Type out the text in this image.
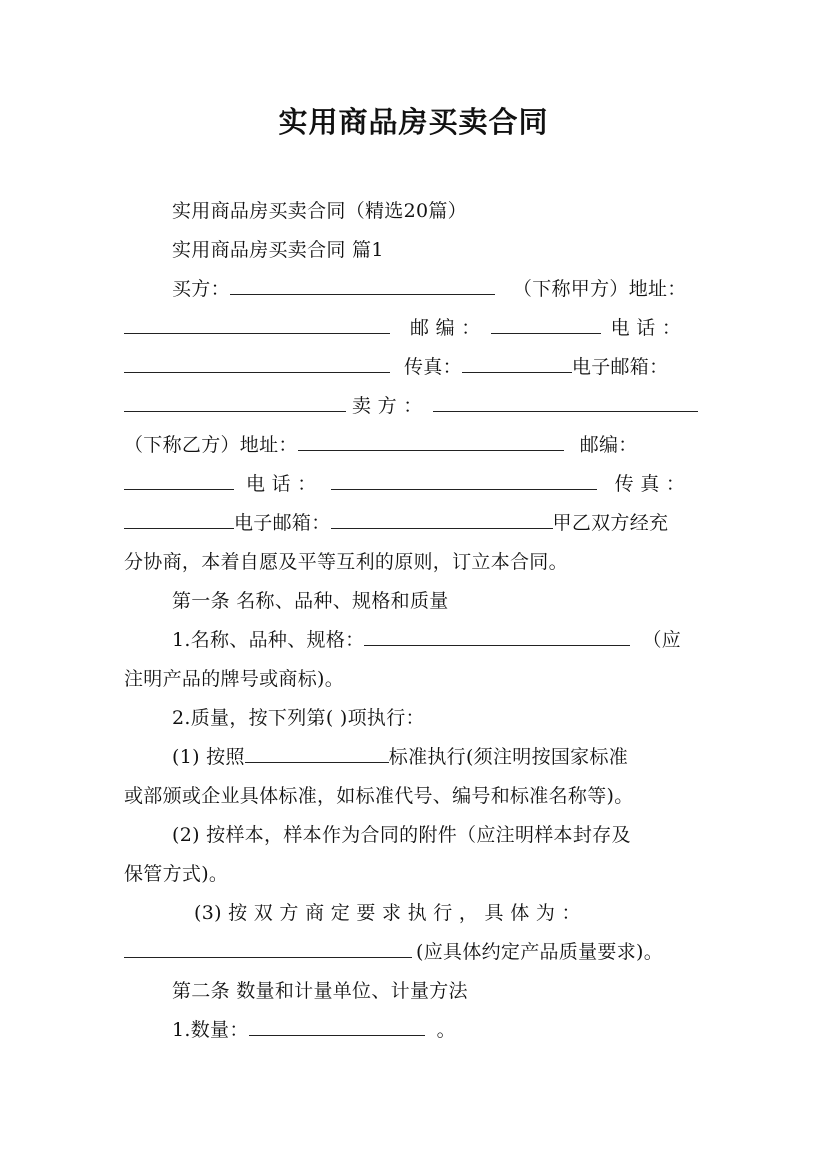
实用商品房买卖合同
实用商品房买卖合同（精选20篇）
实用商品房买卖合同 篇1
买方：	（下称甲方）地址：
邮 编 ：	电 话 ：
传真：	电子邮箱：
卖 方 ：
（下称乙方）地址：	邮编：
电 话 ：	传 真 ：
电子邮箱：	甲乙双方经充
分协商，本着自愿及平等互利的原则，订立本合同。
第一条 名称、品种、规格和质量
1.名称、品种、规格：	（应
注明产品的牌号或商标)。
2.质量，按下列第( )项执行：
(1) 按照	标准执行(须注明按国家标准
或部颁或企业具体标准，如标准代号、编号和标准名称等)。
(2) 按样本，样本作为合同的附件（应注明样本封存及
保管方式)。
(3) 按 双 方 商 定 要 求 执 行 ， 具 体 为 ：
(应具体约定产品质量要求)。
第二条 数量和计量单位、计量方法
1.数量：	。
